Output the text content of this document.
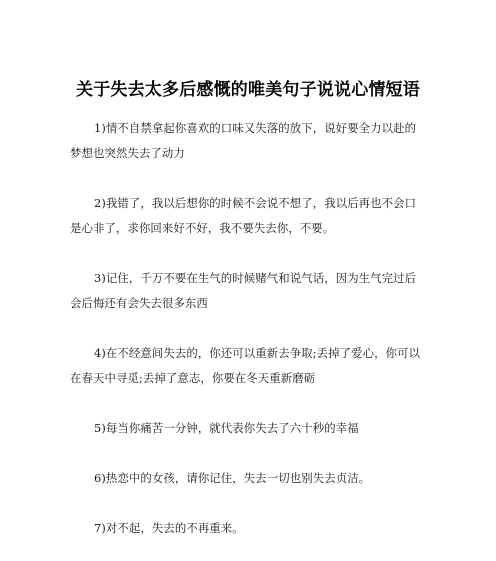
关于失去太多后感慨的唯美句子说说心情短语

1)情不自禁拿起你喜欢的口味又失落的放下，说好要全力以赴的梦想也突然失去了动力

2)我错了，我以后想你的时候不会说不想了，我以后再也不会口是心非了，求你回来好不好，我不要失去你，不要。

3)记住，千万不要在生气的时候赌气和说气话，因为生气完过后会后悔还有会失去很多东西

4)在不经意间失去的，你还可以重新去争取;丢掉了爱心，你可以在春天中寻觅;丢掉了意志，你要在冬天重新磨砺

5)每当你痛苦一分钟，就代表你失去了六十秒的幸福

6)热恋中的女孩，请你记住，失去一切也别失去贞洁。

7)对不起，失去的不再重来。
